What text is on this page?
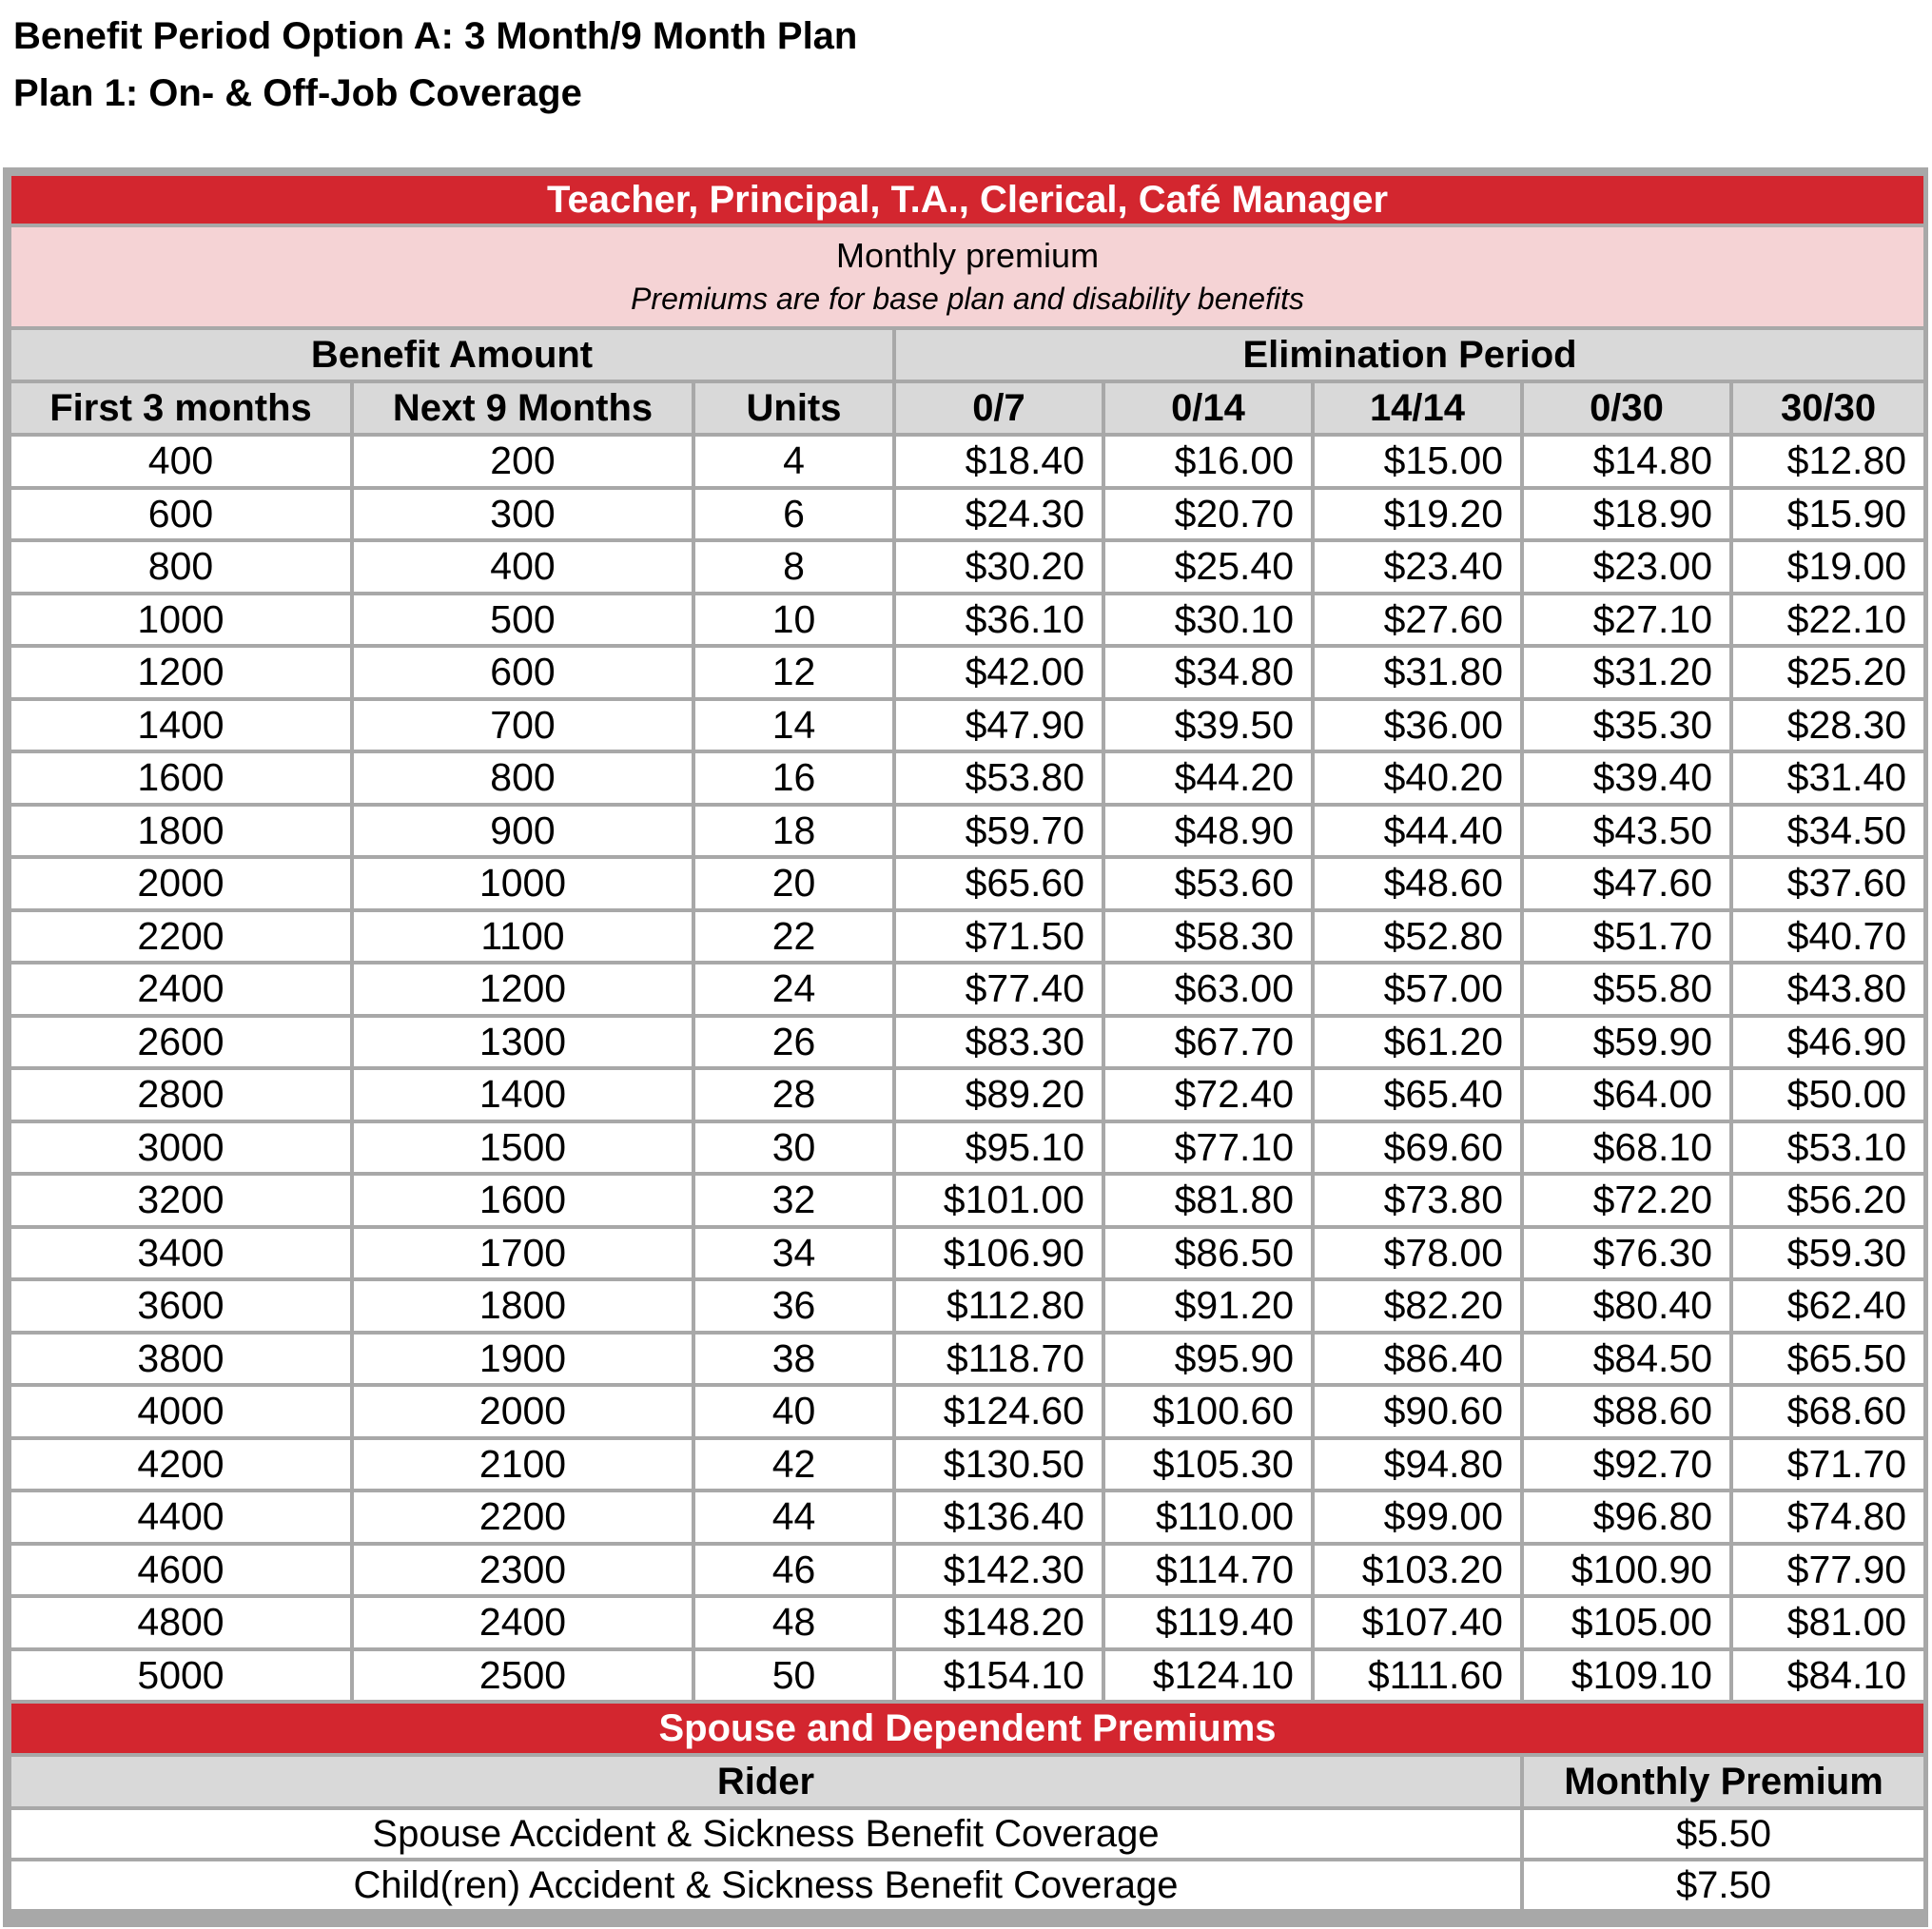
Benefit Period Option A: 3 Month/9 Month Plan
Plan 1: On- & Off-Job Coverage
Teacher, Principal, T.A., Clerical, Café Manager							

Monthly premium
Premiums are for base plan and disability benefits							

Benefit Amount			Elimination Period				
First 3 months	Next 9 Months	Units	0/7	0/14	14/14	0/30	30/30
400	200	4	$18.40	$16.00	$15.00	$14.80	$12.80
600	300	6	$24.30	$20.70	$19.20	$18.90	$15.90
800	400	8	$30.20	$25.40	$23.40	$23.00	$19.00
1000	500	10	$36.10	$30.10	$27.60	$27.10	$22.10
1200	600	12	$42.00	$34.80	$31.80	$31.20	$25.20
1400	700	14	$47.90	$39.50	$36.00	$35.30	$28.30
1600	800	16	$53.80	$44.20	$40.20	$39.40	$31.40
1800	900	18	$59.70	$48.90	$44.40	$43.50	$34.50
2000	1000	20	$65.60	$53.60	$48.60	$47.60	$37.60
2200	1100	22	$71.50	$58.30	$52.80	$51.70	$40.70
2400	1200	24	$77.40	$63.00	$57.00	$55.80	$43.80
2600	1300	26	$83.30	$67.70	$61.20	$59.90	$46.90
2800	1400	28	$89.20	$72.40	$65.40	$64.00	$50.00
3000	1500	30	$95.10	$77.10	$69.60	$68.10	$53.10
3200	1600	32	$101.00	$81.80	$73.80	$72.20	$56.20
3400	1700	34	$106.90	$86.50	$78.00	$76.30	$59.30
3600	1800	36	$112.80	$91.20	$82.20	$80.40	$62.40
3800	1900	38	$118.70	$95.90	$86.40	$84.50	$65.50
4000	2000	40	$124.60	$100.60	$90.60	$88.60	$68.60
4200	2100	42	$130.50	$105.30	$94.80	$92.70	$71.70
4400	2200	44	$136.40	$110.00	$99.00	$96.80	$74.80
4600	2300	46	$142.30	$114.70	$103.20	$100.90	$77.90
4800	2400	48	$148.20	$119.40	$107.40	$105.00	$81.00
5000	2500	50	$154.10	$124.10	$111.60	$109.10	$84.10
Spouse and Dependent Premiums	
Rider	Monthly Premium
Spouse Accident & Sickness Benefit Coverage	$5.50
Child(ren) Accident & Sickness Benefit Coverage	$7.50
